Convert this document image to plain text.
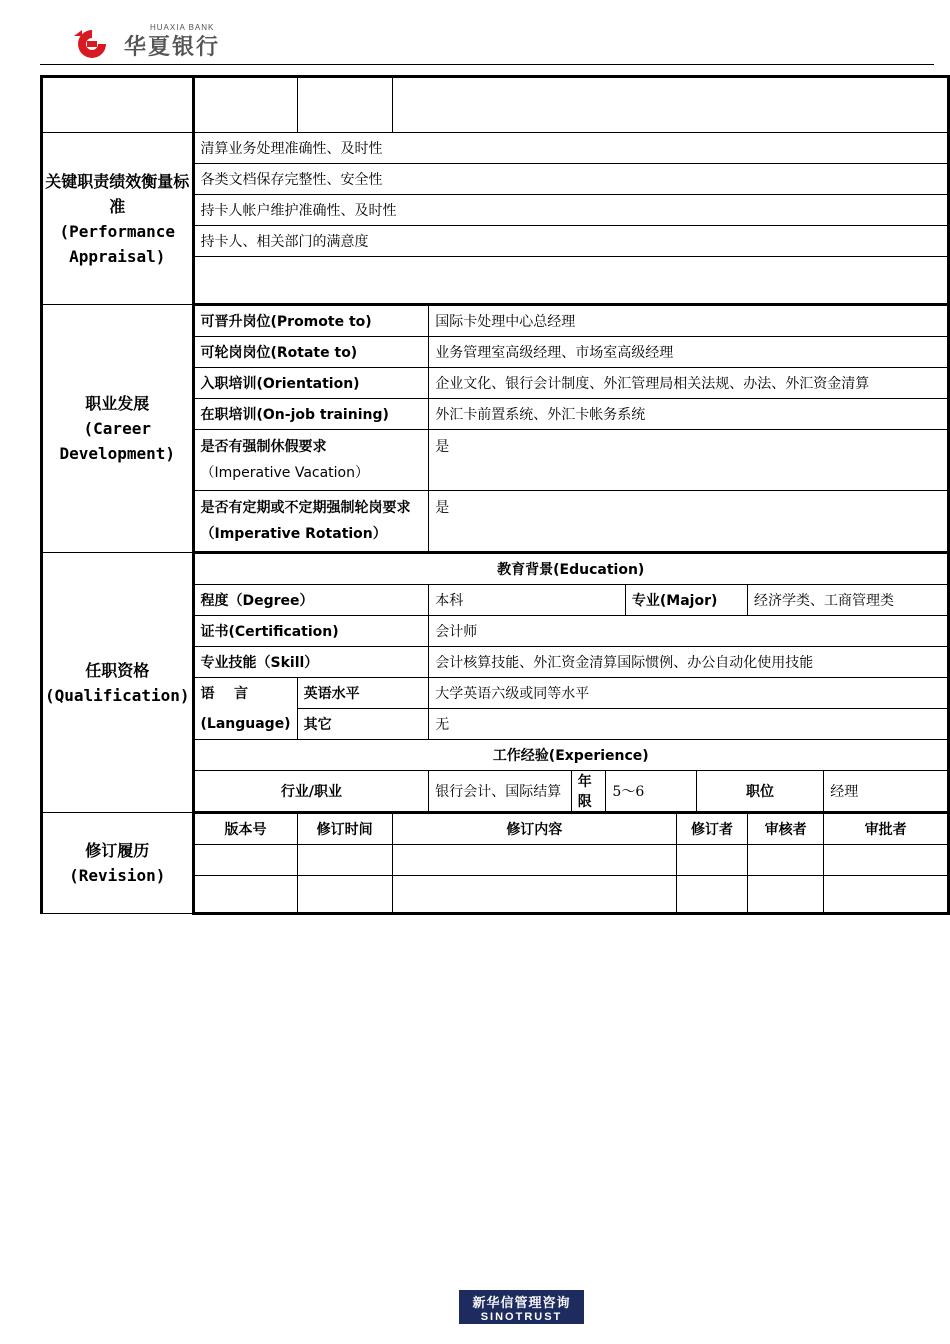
HUAXIA BANK
华夏银行

关键职责绩效衡量标准
(Performance Appraisal)	清算业务处理准确性、及时性										
	各类文档保存完整性、安全性										
	持卡人帐户维护准确性、及时性										
	持卡人、相关部门的满意度										

职业发展
(Career Development)	可晋升岗位(Promote to)			国际卡处理中心总经理							
	可轮岗岗位(Rotate to)			业务管理室高级经理、市场室高级经理							
	入职培训(Orientation)			企业文化、银行会计制度、外汇管理局相关法规、办法、外汇资金清算							
	在职培训(On-job training)			外汇卡前置系统、外汇卡帐务系统							
	是否有强制休假要求
（Imperative Vacation）			是							
	是否有定期或不定期强制轮岗要求（Imperative Rotation）			是							
任职资格
(Qualification)	教育背景(Education)										
	程度（Degree）			本科			专业(Major)			经济学类、工商管理类	
	证书(Certification)			会计师							
	专业技能（Skill）			会计核算技能、外汇资金清算国际惯例、办公自动化使用技能							
	语    言
(Language)	英语水平		大学英语六级或同等水平							
		其它		无							
	工作经验(Experience)										
	行业/职业			银行会计、国际结算	年限	5～6			职位		经理
修订履历
(Revision)	版本号	修订时间	修订内容					修订者		审核者	审批者

新华信管理咨询
SINOTRUST
